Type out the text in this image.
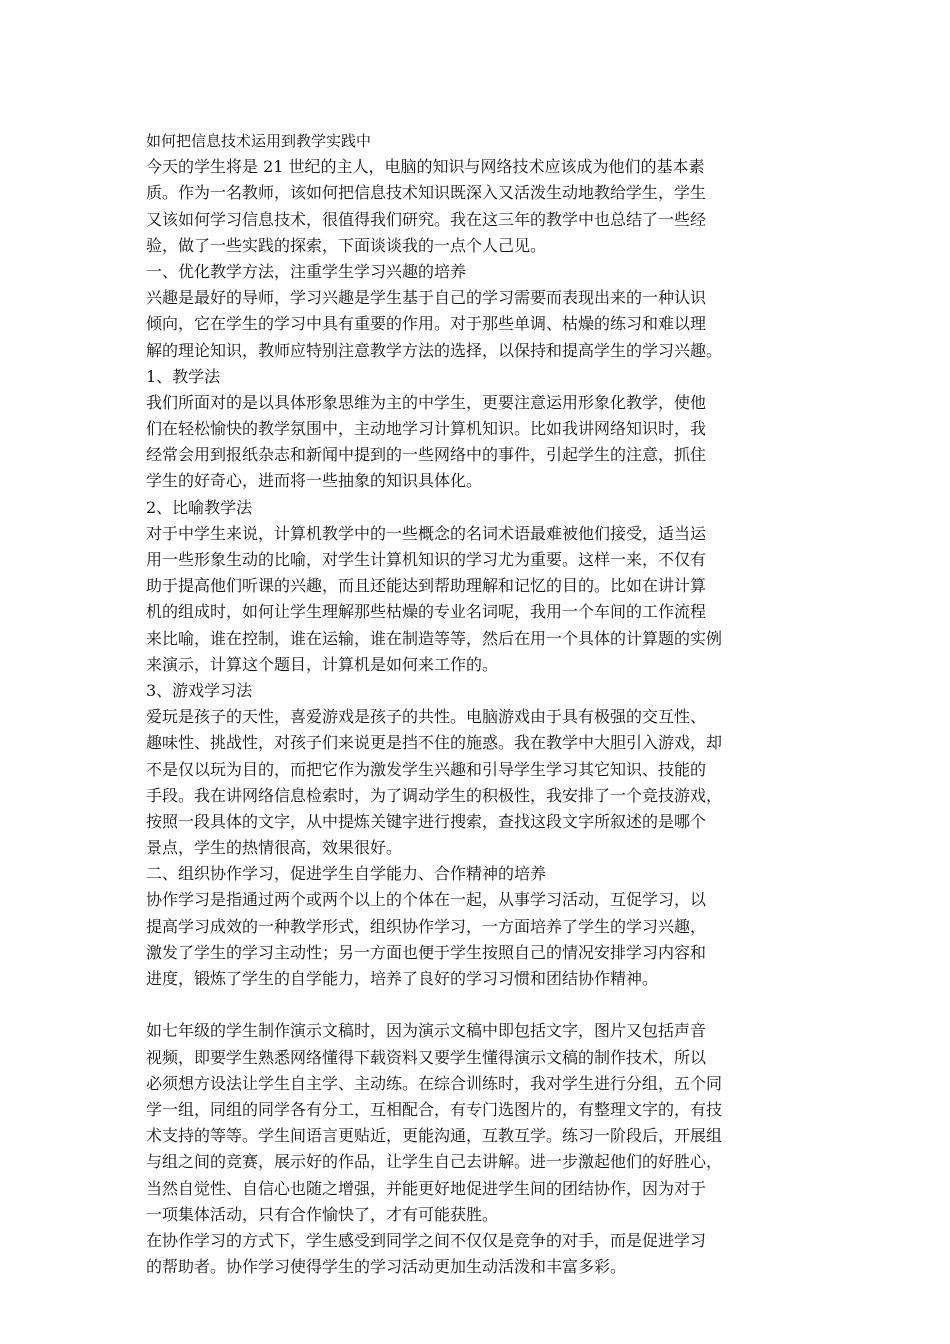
如何把信息技术运用到教学实践中
今天的学生将是 21 世纪的主人，电脑的知识与网络技术应该成为他们的基本素
质。作为一名教师，该如何把信息技术知识既深入又活泼生动地教给学生，学生
又该如何学习信息技术，很值得我们研究。我在这三年的教学中也总结了一些经
验，做了一些实践的探索，下面谈谈我的一点个人己见。
一、优化教学方法，注重学生学习兴趣的培养
兴趣是最好的导师，学习兴趣是学生基于自己的学习需要而表现出来的一种认识
倾向，它在学生的学习中具有重要的作用。对于那些单调、枯燥的练习和难以理
解的理论知识，教师应特别注意教学方法的选择，以保持和提高学生的学习兴趣。
1、教学法
我们所面对的是以具体形象思维为主的中学生，更要注意运用形象化教学，使他
们在轻松愉快的教学氛围中，主动地学习计算机知识。比如我讲网络知识时，我
经常会用到报纸杂志和新闻中提到的一些网络中的事件，引起学生的注意，抓住
学生的好奇心，进而将一些抽象的知识具体化。
2、比喻教学法
对于中学生来说，计算机教学中的一些概念的名词术语最难被他们接受，适当运
用一些形象生动的比喻，对学生计算机知识的学习尤为重要。这样一来，不仅有
助于提高他们听课的兴趣，而且还能达到帮助理解和记忆的目的。比如在讲计算
机的组成时，如何让学生理解那些枯燥的专业名词呢，我用一个车间的工作流程
来比喻，谁在控制，谁在运输，谁在制造等等，然后在用一个具体的计算题的实例
来演示，计算这个题目，计算机是如何来工作的。
3、游戏学习法
爱玩是孩子的天性，喜爱游戏是孩子的共性。电脑游戏由于具有极强的交互性、
趣味性、挑战性，对孩子们来说更是挡不住的施惑。我在教学中大胆引入游戏，却
不是仅以玩为目的，而把它作为激发学生兴趣和引导学生学习其它知识、技能的
手段。我在讲网络信息检索时，为了调动学生的积极性，我安排了一个竞技游戏，
按照一段具体的文字，从中提炼关键字进行搜索，查找这段文字所叙述的是哪个
景点，学生的热情很高，效果很好。
二、组织协作学习，促进学生自学能力、合作精神的培养
协作学习是指通过两个或两个以上的个体在一起，从事学习活动，互促学习，以
提高学习成效的一种教学形式，组织协作学习，一方面培养了学生的学习兴趣，
激发了学生的学习主动性；另一方面也便于学生按照自己的情况安排学习内容和
进度，锻炼了学生的自学能力，培养了良好的学习习惯和团结协作精神。
如七年级的学生制作演示文稿时，因为演示文稿中即包括文字，图片又包括声音
视频，即要学生熟悉网络懂得下载资料又要学生懂得演示文稿的制作技术，所以
必须想方设法让学生自主学、主动练。在综合训练时，我对学生进行分组，五个同
学一组，同组的同学各有分工，互相配合，有专门选图片的，有整理文字的，有技
术支持的等等。学生间语言更贴近，更能沟通，互教互学。练习一阶段后，开展组
与组之间的竞赛，展示好的作品，让学生自己去讲解。进一步激起他们的好胜心，
当然自觉性、自信心也随之增强，并能更好地促进学生间的团结协作，因为对于
一项集体活动，只有合作愉快了，才有可能获胜。
在协作学习的方式下，学生感受到同学之间不仅仅是竞争的对手，而是促进学习
的帮助者。协作学习使得学生的学习活动更加生动活泼和丰富多彩。
